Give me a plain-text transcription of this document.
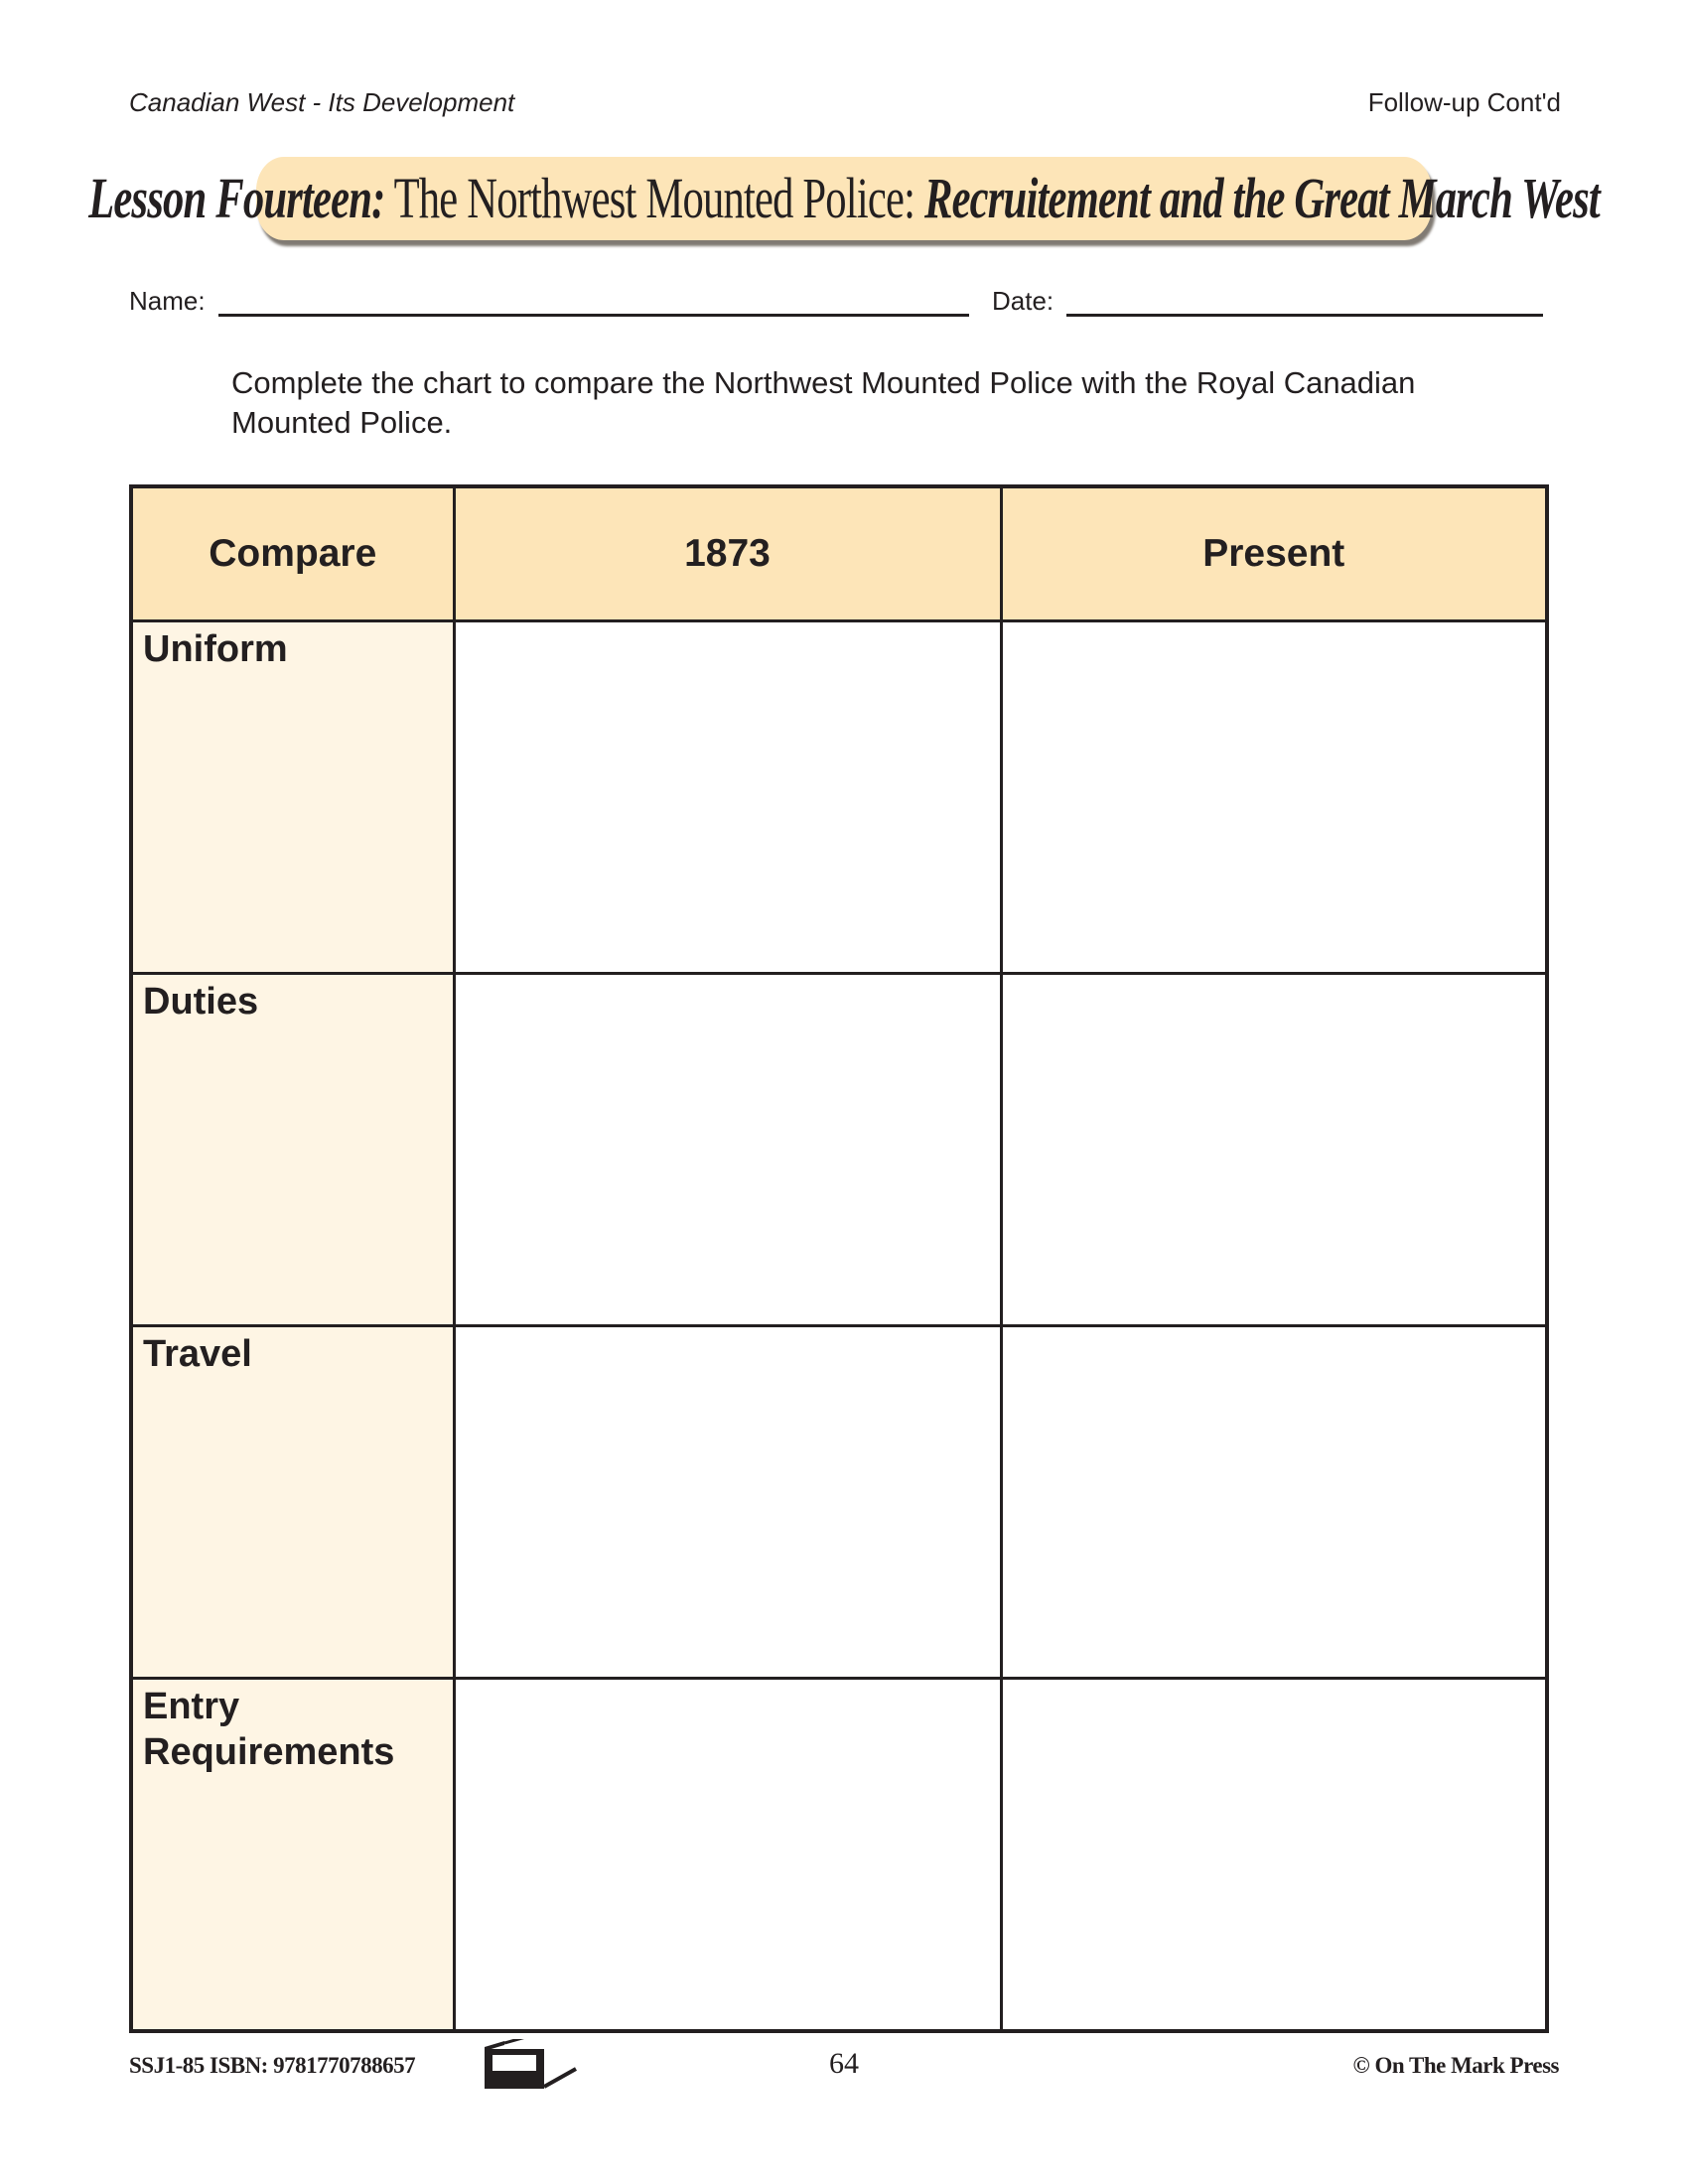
Canadian West - Its Development	Follow-up Cont'd
Lesson Fourteen: The Northwest Mounted Police: Recruitement and the Great March West
Name:	Date:
Complete the chart to compare the Northwest Mounted Police with the Royal Canadian Mounted Police.
Compare	1873	Present
Uniform		
Duties		
Travel		
Entry Requirements		
SSJ1-85 ISBN: 9781770788657	64	© On The Mark Press
